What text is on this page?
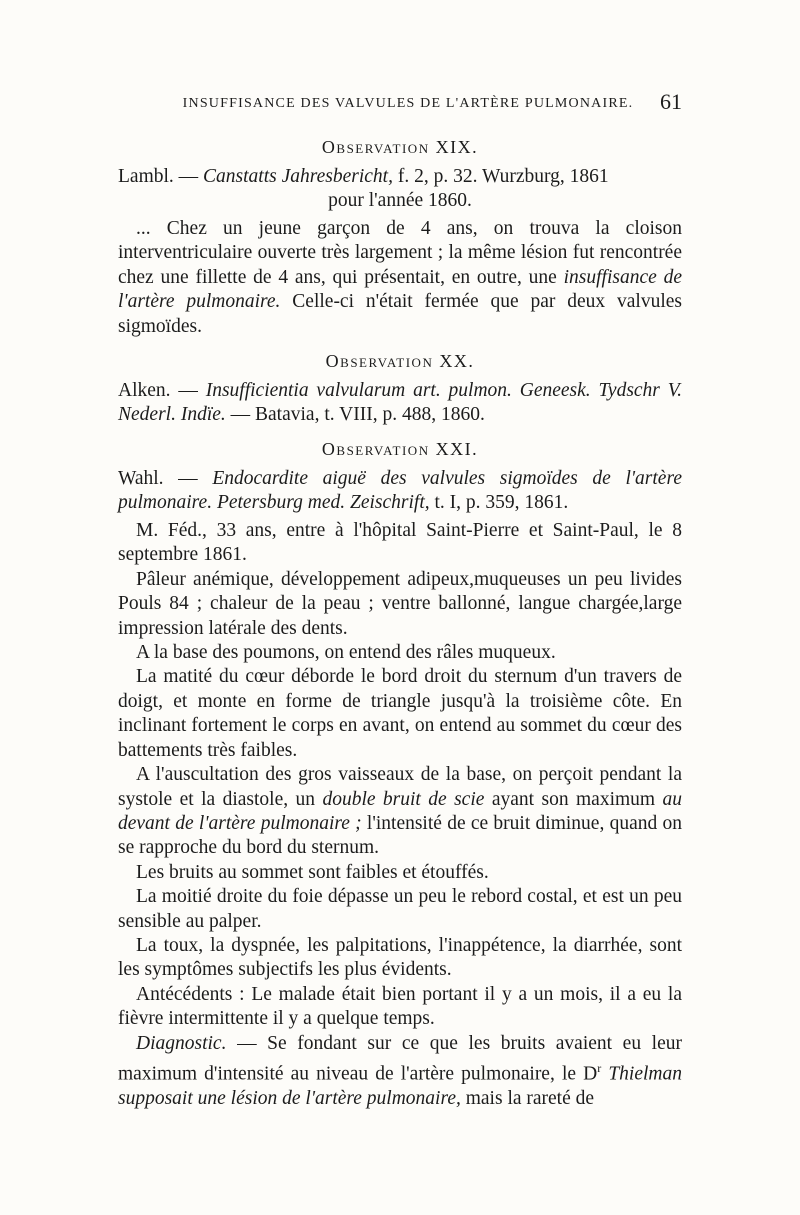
INSUFFISANCE DES VALVULES DE L'ARTÈRE PULMONAIRE. 61
Observation XIX.
Lambl. — Canstatts Jahresbericht, f. 2, p. 32. Wurzburg, 1861
pour l'année 1860.

... Chez un jeune garçon de 4 ans, on trouva la cloison interventriculaire ouverte très largement ; la même lésion fut rencontrée chez une fillette de 4 ans, qui présentait, en outre, une insuffisance de l'artère pulmonaire. Celle-ci n'était fermée que par deux valvules sigmoïdes.

Observation XX.
Alken. — Insufficientia valvularum art. pulmon. Geneesk. Tydschr V. Nederl. Indïe. — Batavia, t. VIII, p. 488, 1860.
Observation XXI.
Wahl. — Endocardite aiguë des valvules sigmoïdes de l'artère pulmonaire. Petersburg med. Zeischrift, t. I, p. 359, 1861.

M. Féd., 33 ans, entre à l'hôpital Saint-Pierre et Saint-Paul, le 8 septembre 1861.

Pâleur anémique, développement adipeux,muqueuses un peu livides Pouls 84 ; chaleur de la peau ; ventre ballonné, langue chargée,large impression latérale des dents.

A la base des poumons, on entend des râles muqueux.

La matité du cœur déborde le bord droit du sternum d'un travers de doigt, et monte en forme de triangle jusqu'à la troisième côte. En inclinant fortement le corps en avant, on entend au sommet du cœur des battements très faibles.

A l'auscultation des gros vaisseaux de la base, on perçoit pendant la systole et la diastole, un double bruit de scie ayant son maximum au devant de l'artère pulmonaire ; l'intensité de ce bruit diminue, quand on se rapproche du bord du sternum.

Les bruits au sommet sont faibles et étouffés.

La moitié droite du foie dépasse un peu le rebord costal, et est un peu sensible au palper.

La toux, la dyspnée, les palpitations, l'inappétence, la diarrhée, sont les symptômes subjectifs les plus évidents.

Antécédents : Le malade était bien portant il y a un mois, il a eu la fièvre intermittente il y a quelque temps.

Diagnostic. — Se fondant sur ce que les bruits avaient eu leur maximum d'intensité au niveau de l'artère pulmonaire, le $D^r$ Thielman supposait une lésion de l'artère pulmonaire, mais la rareté de
